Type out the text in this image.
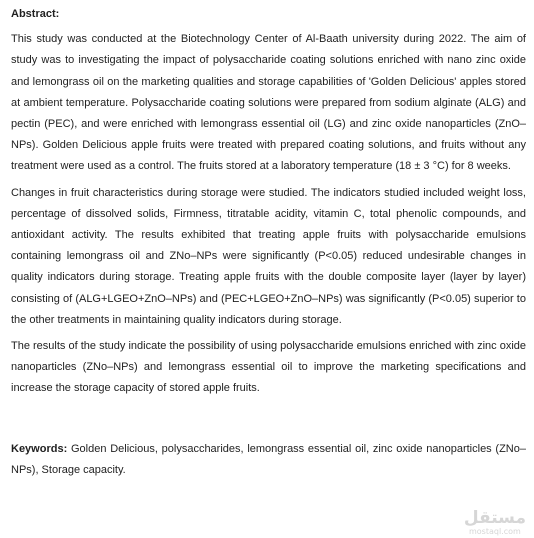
Abstract:

This study was conducted at the Biotechnology Center of Al-Baath university during 2022. The aim of study was to investigating the impact of polysaccharide coating solutions enriched with nano zinc oxide and lemongrass oil on the marketing qualities and storage capabilities of 'Golden Delicious' apples stored at ambient temperature. Polysaccharide coating solutions were prepared from sodium alginate (ALG) and pectin (PEC), and were enriched with lemongrass essential oil (LG) and zinc oxide nanoparticles (ZnO–NPs). Golden Delicious apple fruits were treated with prepared coating solutions, and fruits without any treatment were used as a control. The fruits stored at a laboratory temperature (18 ± 3 °C) for 8 weeks.

Changes in fruit characteristics during storage were studied. The indicators studied included weight loss, percentage of dissolved solids, Firmness, titratable acidity, vitamin C, total phenolic compounds, and antioxidant activity. The results exhibited that treating apple fruits with polysaccharide emulsions containing lemongrass oil and ZNo–NPs were significantly (P<0.05) reduced undesirable changes in quality indicators during storage. Treating apple fruits with the double composite layer (layer by layer) consisting of (ALG+LGEO+ZnO–NPs) and (PEC+LGEO+ZnO–NPs) was significantly (P<0.05) superior to the other treatments in maintaining quality indicators during storage.

The results of the study indicate the possibility of using polysaccharide emulsions enriched with zinc oxide nanoparticles (ZNo–NPs) and lemongrass essential oil to improve the marketing specifications and increase the storage capacity of stored apple fruits.

Keywords: Golden Delicious, polysaccharides, lemongrass essential oil, zinc oxide nanoparticles (ZNo–NPs), Storage capacity.

مستقل
mostaql.com
